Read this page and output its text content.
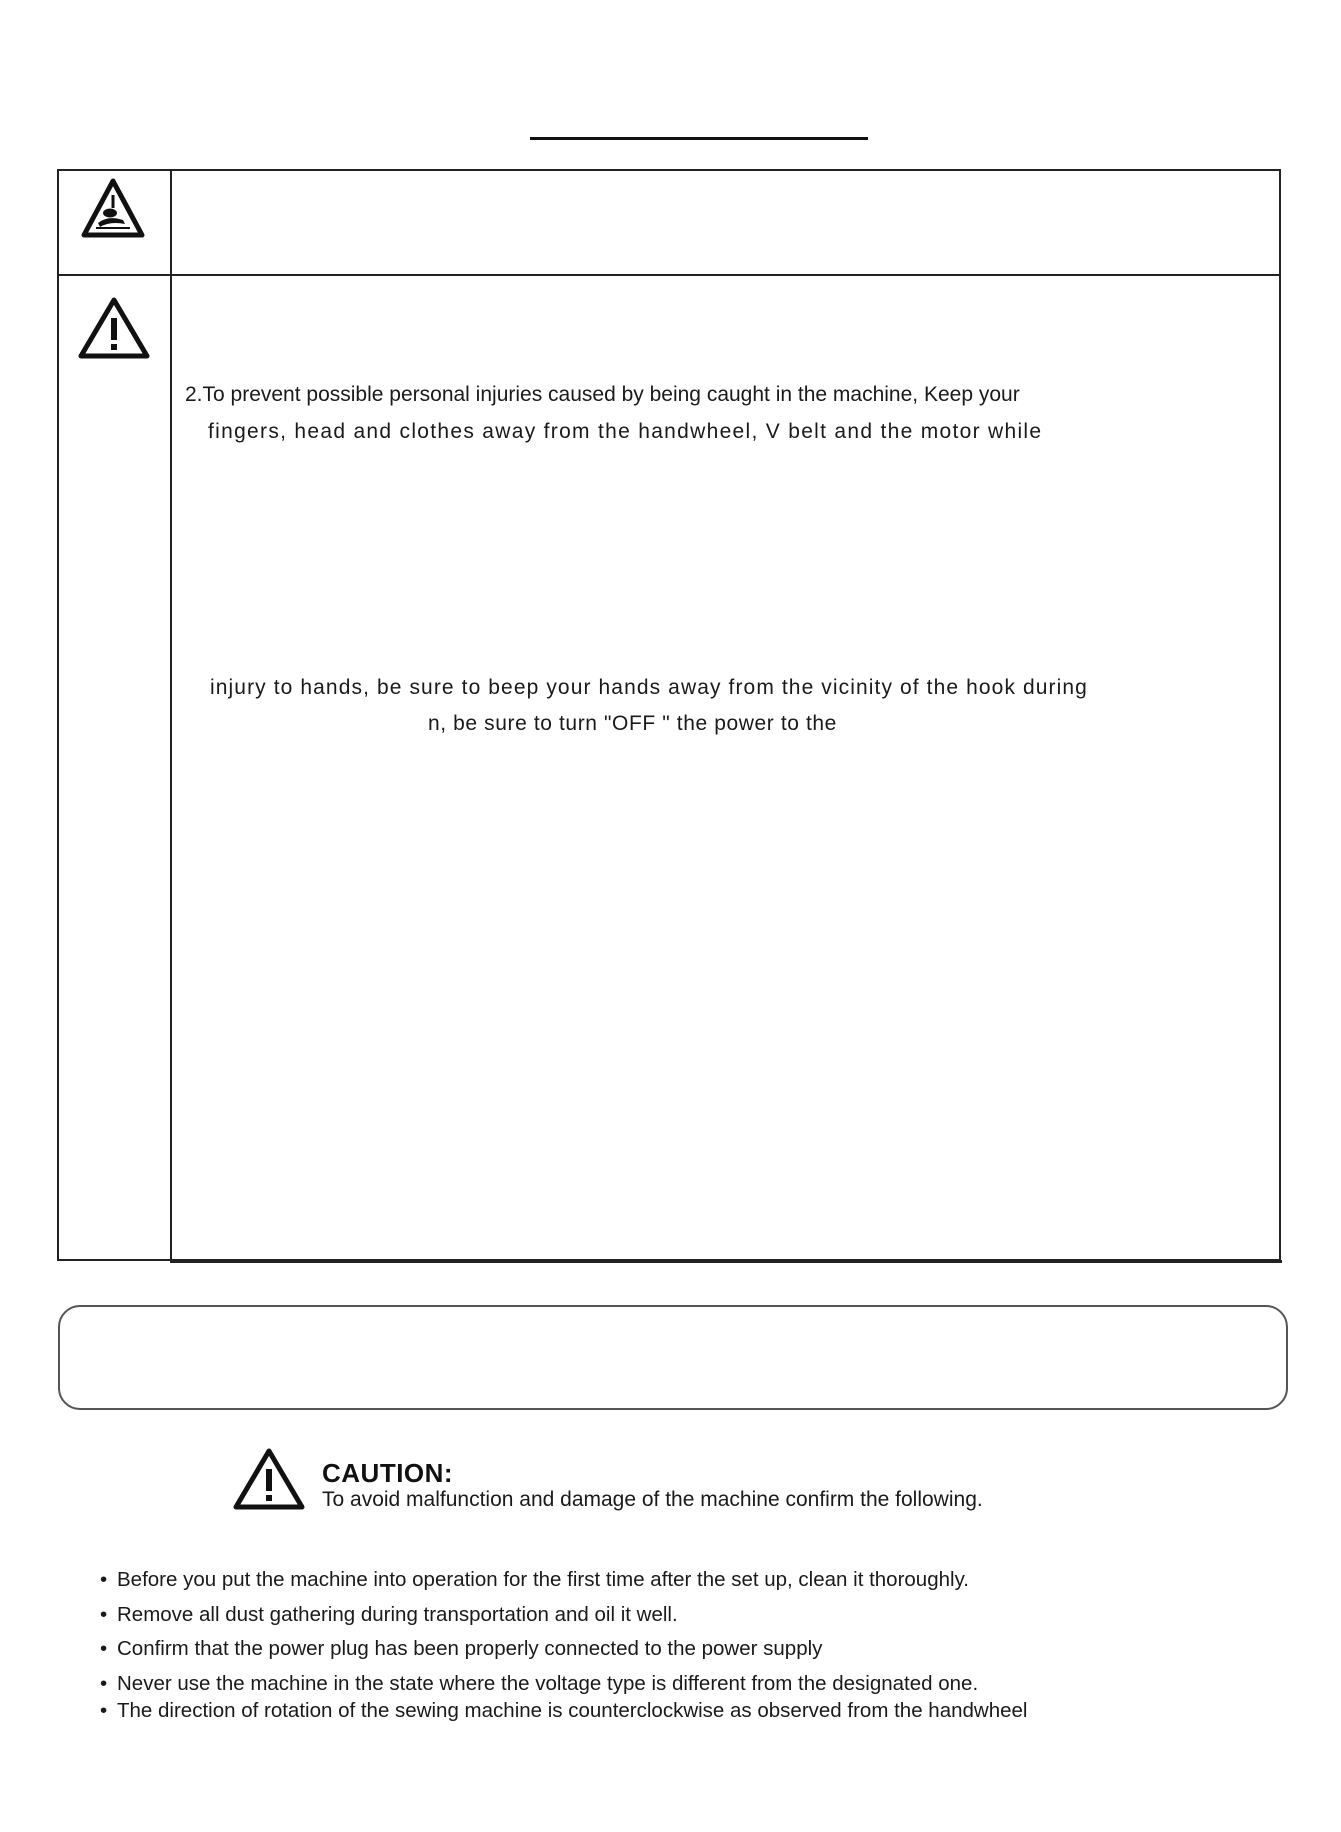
2.To prevent possible personal injuries caused by being caught in the machine, Keep your
fingers, head and clothes away from the handwheel, V belt and the motor while
injury to hands, be sure to beep your hands away from the vicinity of the hook during
n, be sure to turn "OFF " the power to the
CAUTION:
To avoid malfunction and damage of the machine confirm the following.
• Before you put the machine into operation for the first time after the set up, clean it thoroughly.
• Remove all dust gathering during transportation and oil it well.
• Confirm that the power plug has been properly connected to the power supply
• Never use the machine in the state where the voltage type is different from the designated one.
• The direction of rotation of the sewing machine is counterclockwise as observed from the handwheel
